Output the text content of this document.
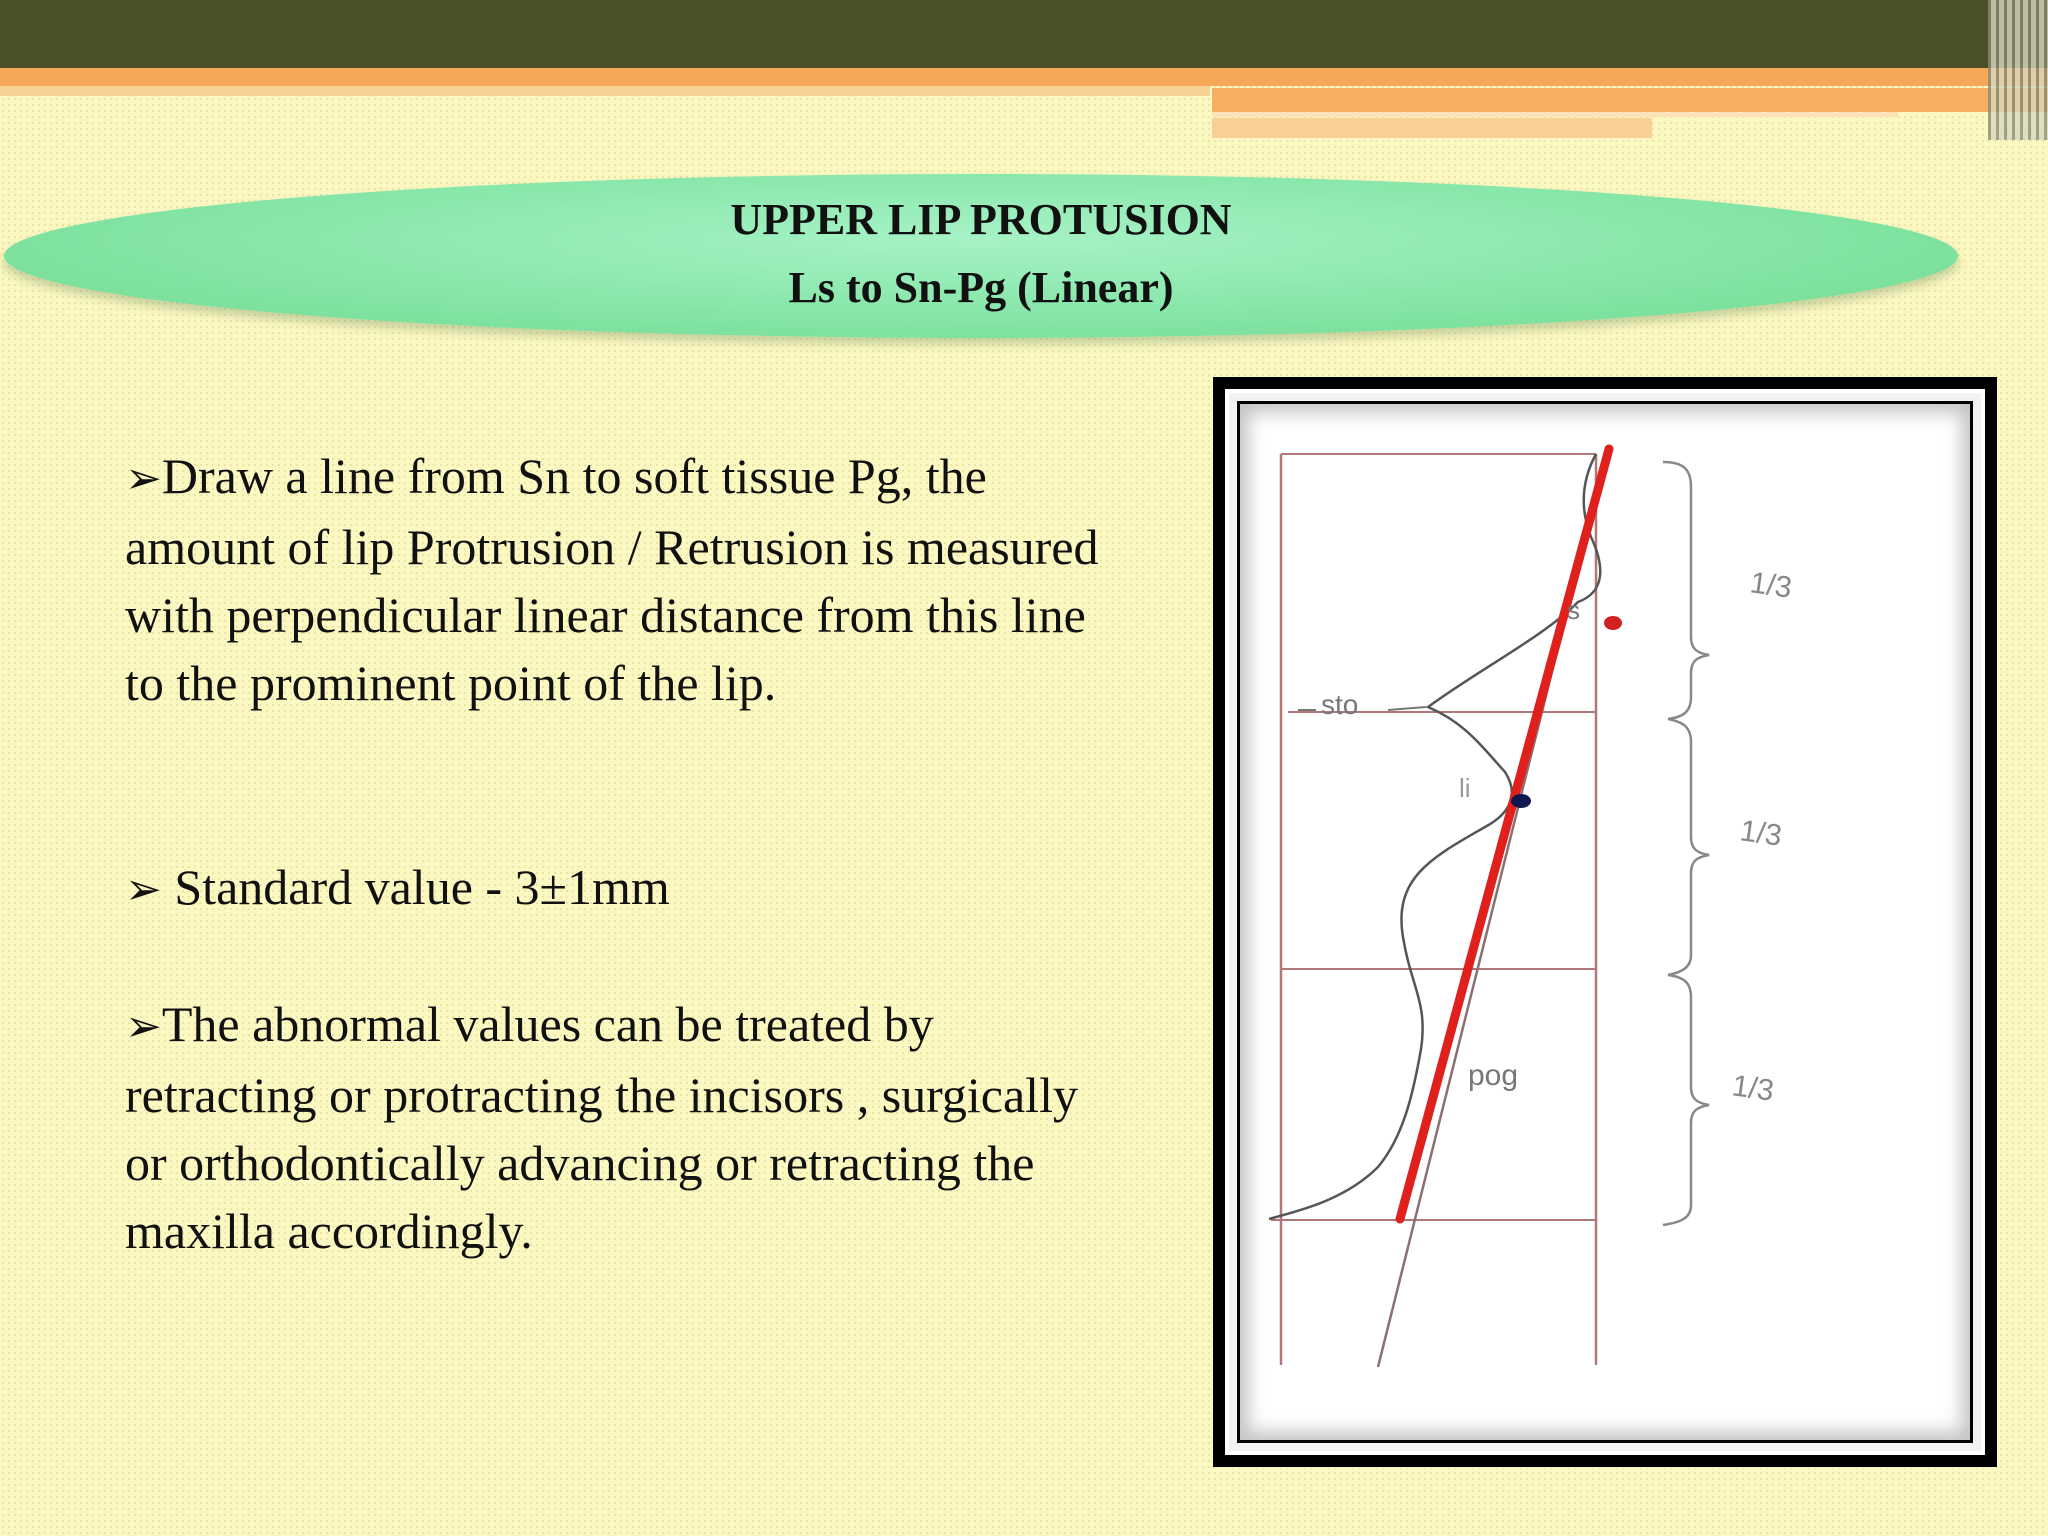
UPPER LIP PROTUSION
Ls to Sn-Pg (Linear)
➢Draw a line from Sn to soft tissue Pg, the amount of lip Protrusion / Retrusion is measured with perpendicular linear distance from this line to the prominent point of the lip.
➢ Standard value - 3±1mm
➢The abnormal values can be treated by retracting or protracting the incisors , surgically or orthodontically advancing or retracting the maxilla accordingly.
s
sto
li
pog
1/3
1/3
1/3
